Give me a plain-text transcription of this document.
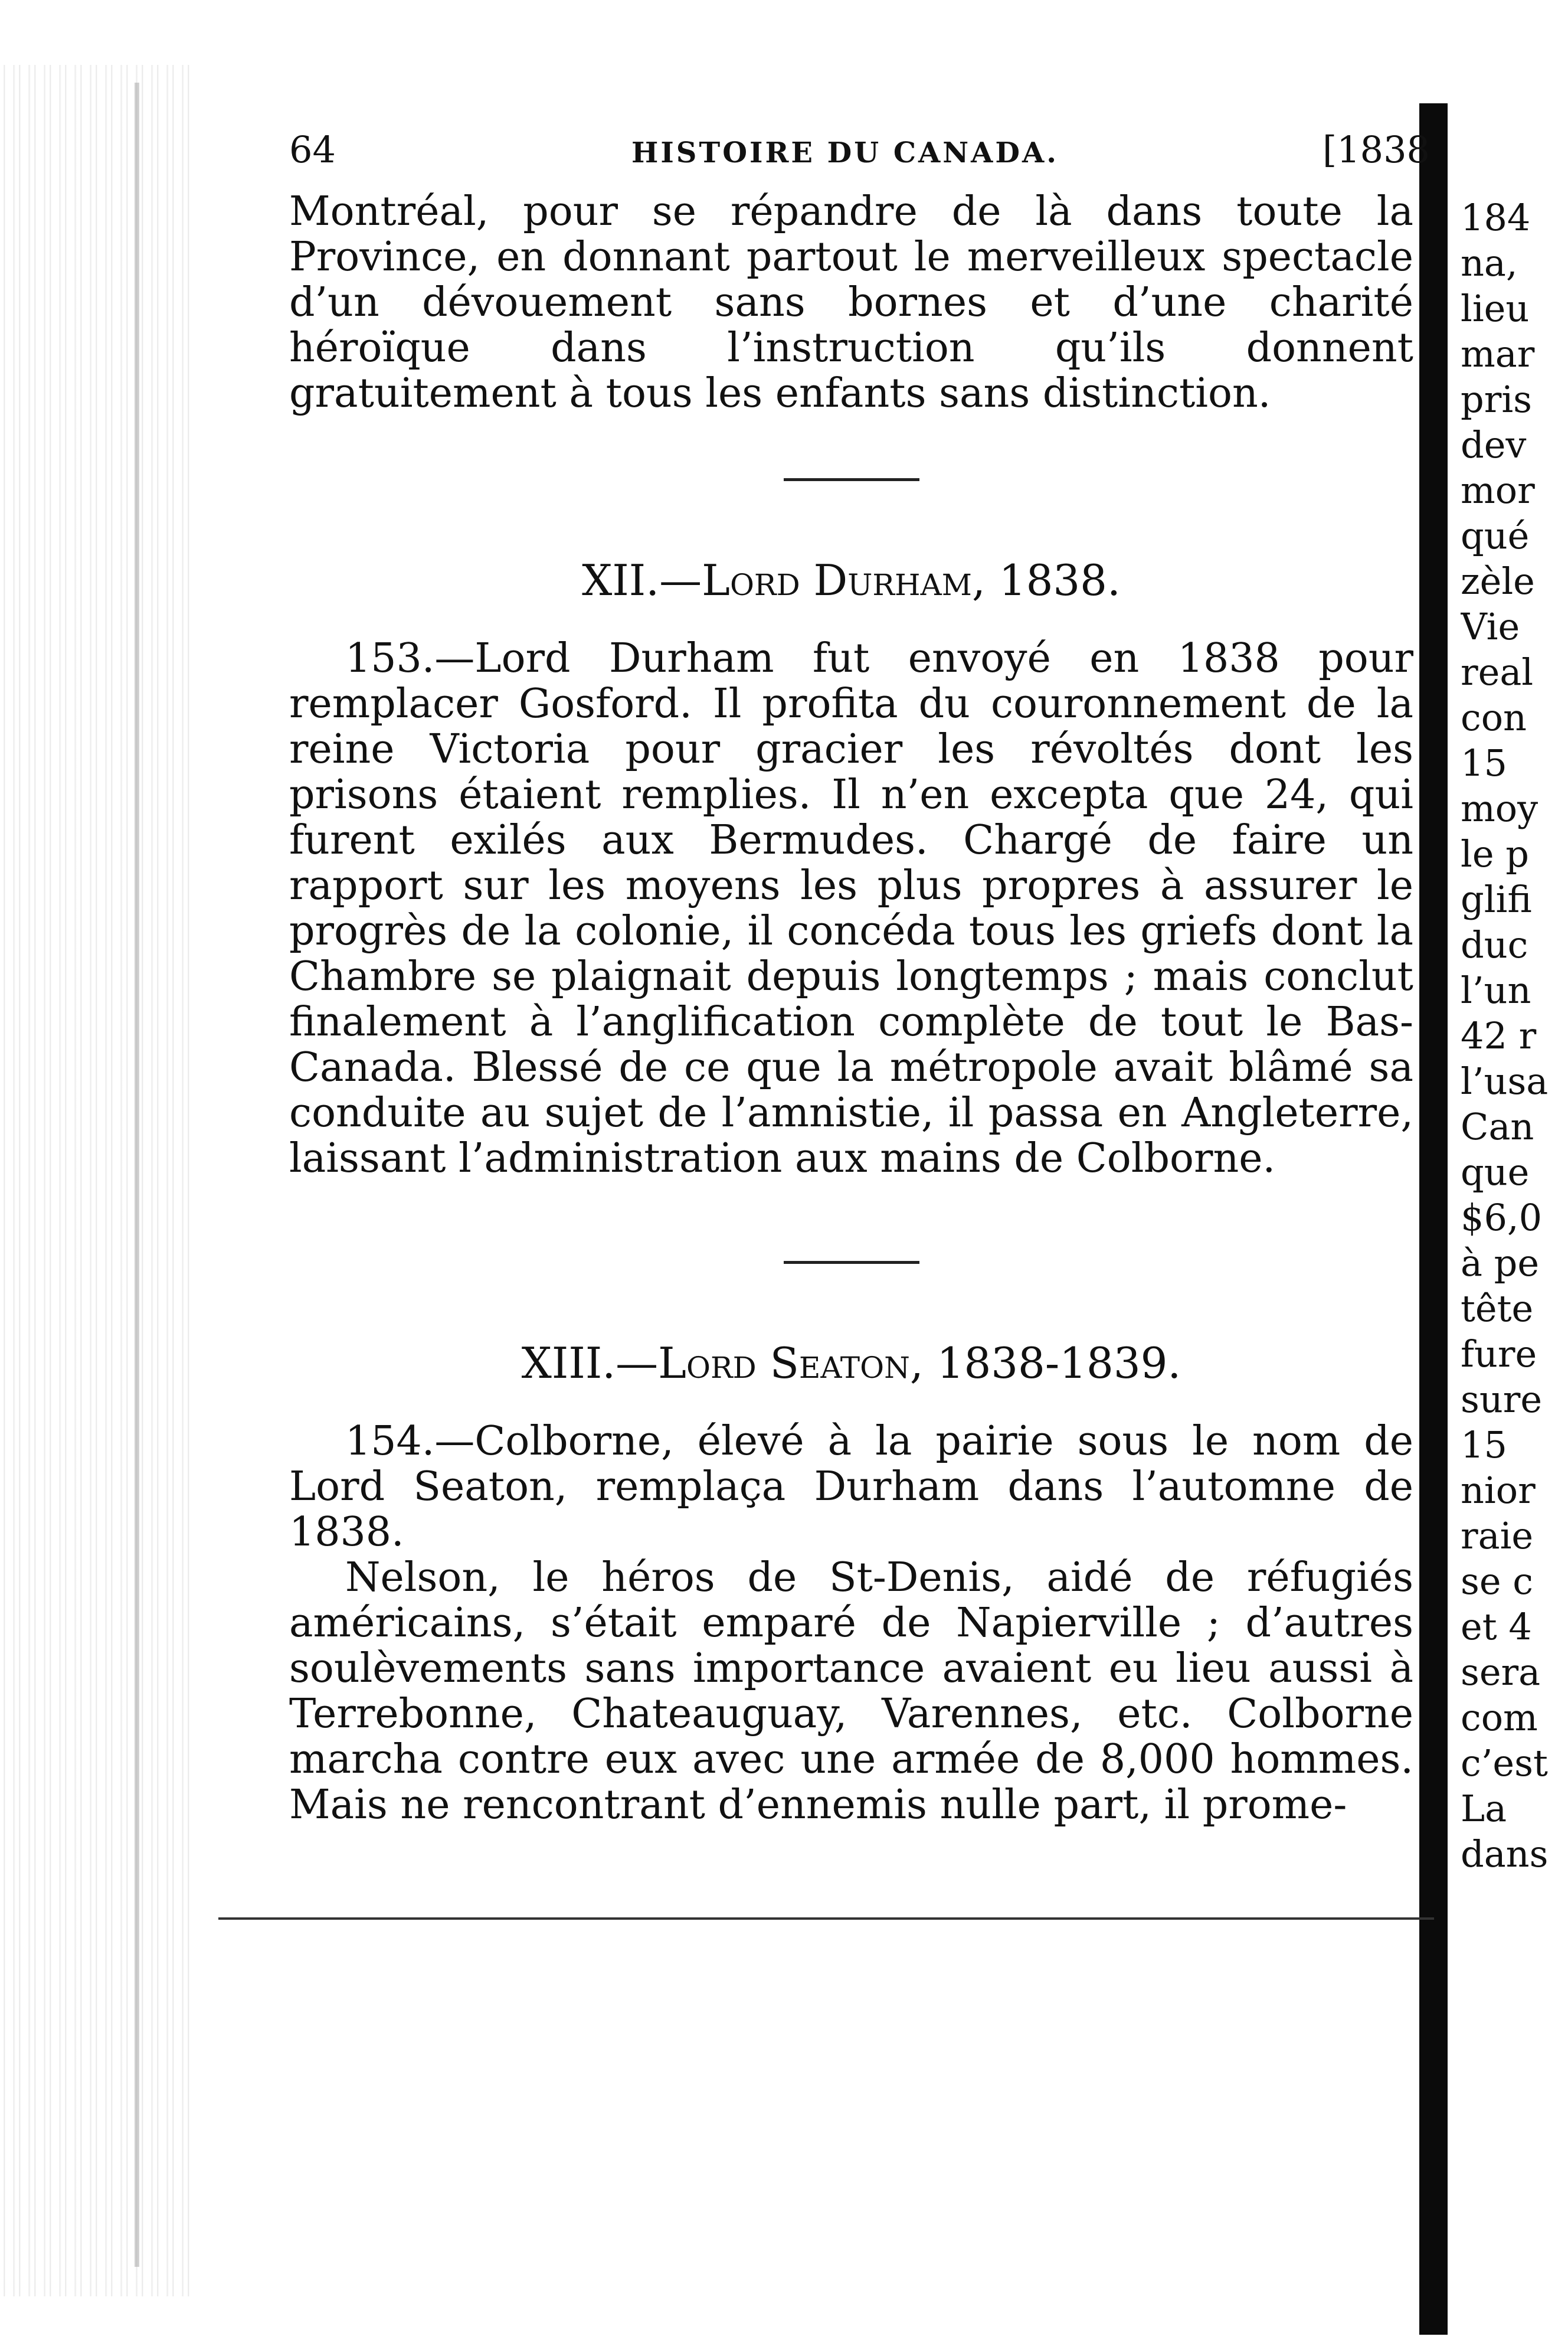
64	HISTOIRE DU CANADA.	[1838

Montréal, pour se répandre de là dans toute la Province, en donnant partout le merveilleux spectacle d’un dévouement sans bornes et d’une charité héroïque dans l’instruction qu’ils donnent gratuitement à tous les enfants sans distinction.

XII.—Lord Durham, 1838.

153.—Lord Durham fut envoyé en 1838 pour remplacer Gosford. Il profita du couronnement de la reine Victoria pour gracier les révoltés dont les prisons étaient remplies. Il n’en excepta que 24, qui furent exilés aux Bermudes. Chargé de faire un rapport sur les moyens les plus propres à assurer le progrès de la colonie, il concéda tous les griefs dont la Chambre se plaignait depuis longtemps ; mais conclut finalement à l’anglification complète de tout le Bas-Canada. Blessé de ce que la métropole avait blâmé sa conduite au sujet de l’amnistie, il passa en Angleterre, laissant l’administration aux mains de Colborne.

XIII.—Lord Seaton, 1838-1839.

154.—Colborne, élevé à la pairie sous le nom de Lord Seaton, remplaça Durham dans l’automne de 1838.

Nelson, le héros de St-Denis, aidé de réfugiés américains, s’était emparé de Napierville ; d’autres soulèvements sans importance avaient eu lieu aussi à Terrebonne, Chateauguay, Varennes, etc. Colborne marcha contre eux avec une armée de 8,000 hommes. Mais ne rencontrant d’ennemis nulle part, il prome-

184
na,
lieu
mar
pris
dev
mor
qué
zèle
Vie
real
con
15
moy
le p
glifi
duc
l’un
42 r
l’usa
Can
que
$6,0
à pe
tête
fure
sure
15
nior
raie
se c
et 4
sera
com
c’est
La
dans
